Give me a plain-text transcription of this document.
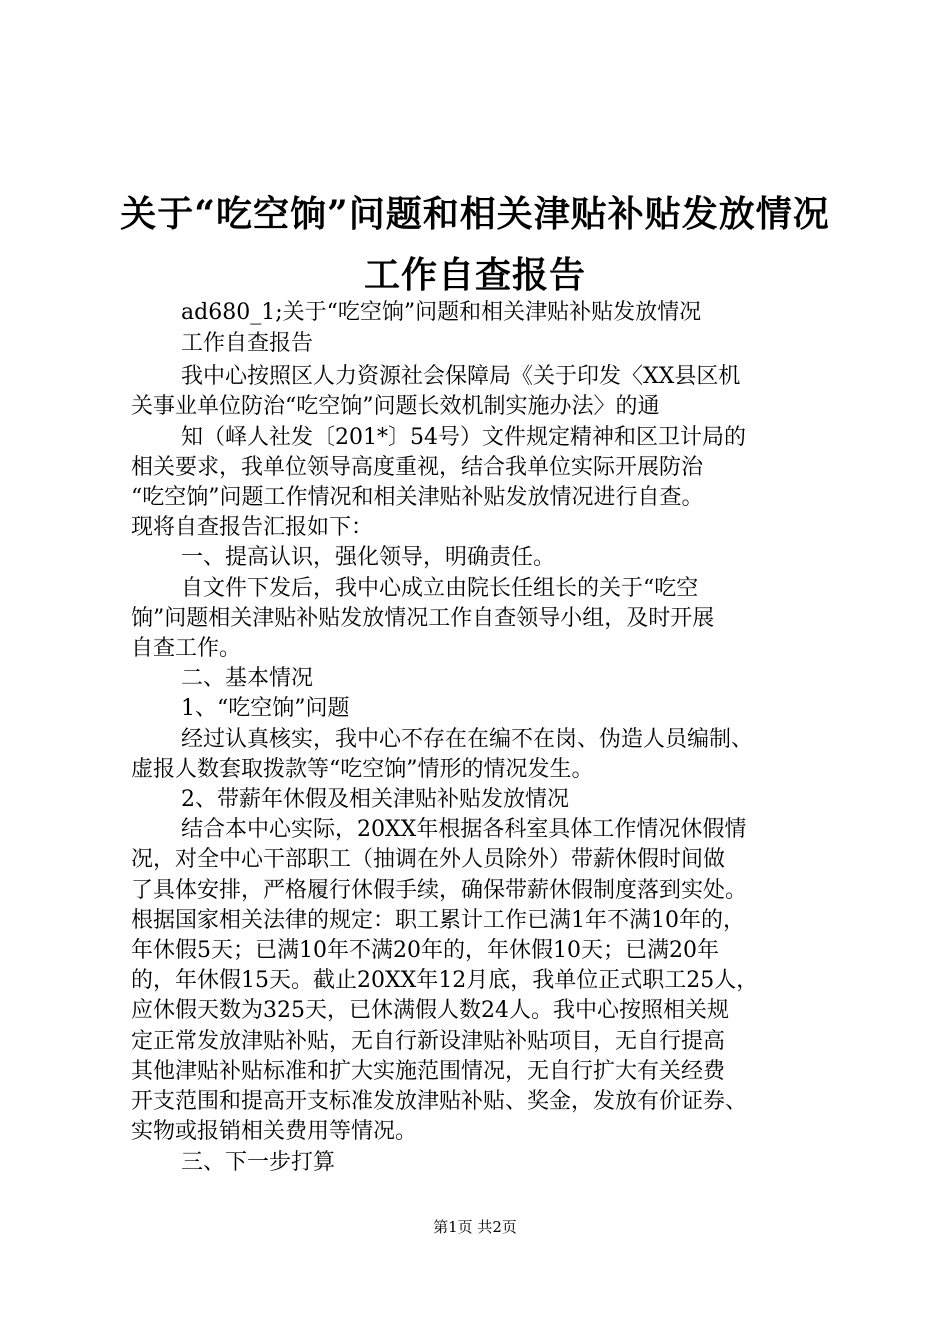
关于“吃空饷”问题和相关津贴补贴发放情况
工作自查报告
ad680_1;关于“吃空饷”问题和相关津贴补贴发放情况
工作自查报告
我中心按照区人力资源社会保障局《关于印发〈XX县区机
关事业单位防治“吃空饷”问题长效机制实施办法〉的通
知（峄人社发〔201*〕54号）文件规定精神和区卫计局的
相关要求，我单位领导高度重视，结合我单位实际开展防治
“吃空饷”问题工作情况和相关津贴补贴发放情况进行自查。
现将自查报告汇报如下：
一、提高认识，强化领导，明确责任。
自文件下发后，我中心成立由院长任组长的关于“吃空
饷”问题相关津贴补贴发放情况工作自查领导小组，及时开展
自查工作。
二、基本情况
1、“吃空饷”问题
经过认真核实，我中心不存在在编不在岗、伪造人员编制、
虚报人数套取拨款等“吃空饷”情形的情况发生。
2、带薪年休假及相关津贴补贴发放情况
结合本中心实际，20XX年根据各科室具体工作情况休假情
况，对全中心干部职工（抽调在外人员除外）带薪休假时间做
了具体安排，严格履行休假手续，确保带薪休假制度落到实处。
根据国家相关法律的规定：职工累计工作已满1年不满10年的，
年休假5天；已满10年不满20年的，年休假10天；已满20年
的，年休假15天。截止20XX年12月底，我单位正式职工25人，
应休假天数为325天，已休满假人数24人。我中心按照相关规
定正常发放津贴补贴，无自行新设津贴补贴项目，无自行提高
其他津贴补贴标准和扩大实施范围情况，无自行扩大有关经费
开支范围和提高开支标准发放津贴补贴、奖金，发放有价证券、
实物或报销相关费用等情况。
三、下一步打算
第1页 共2页
